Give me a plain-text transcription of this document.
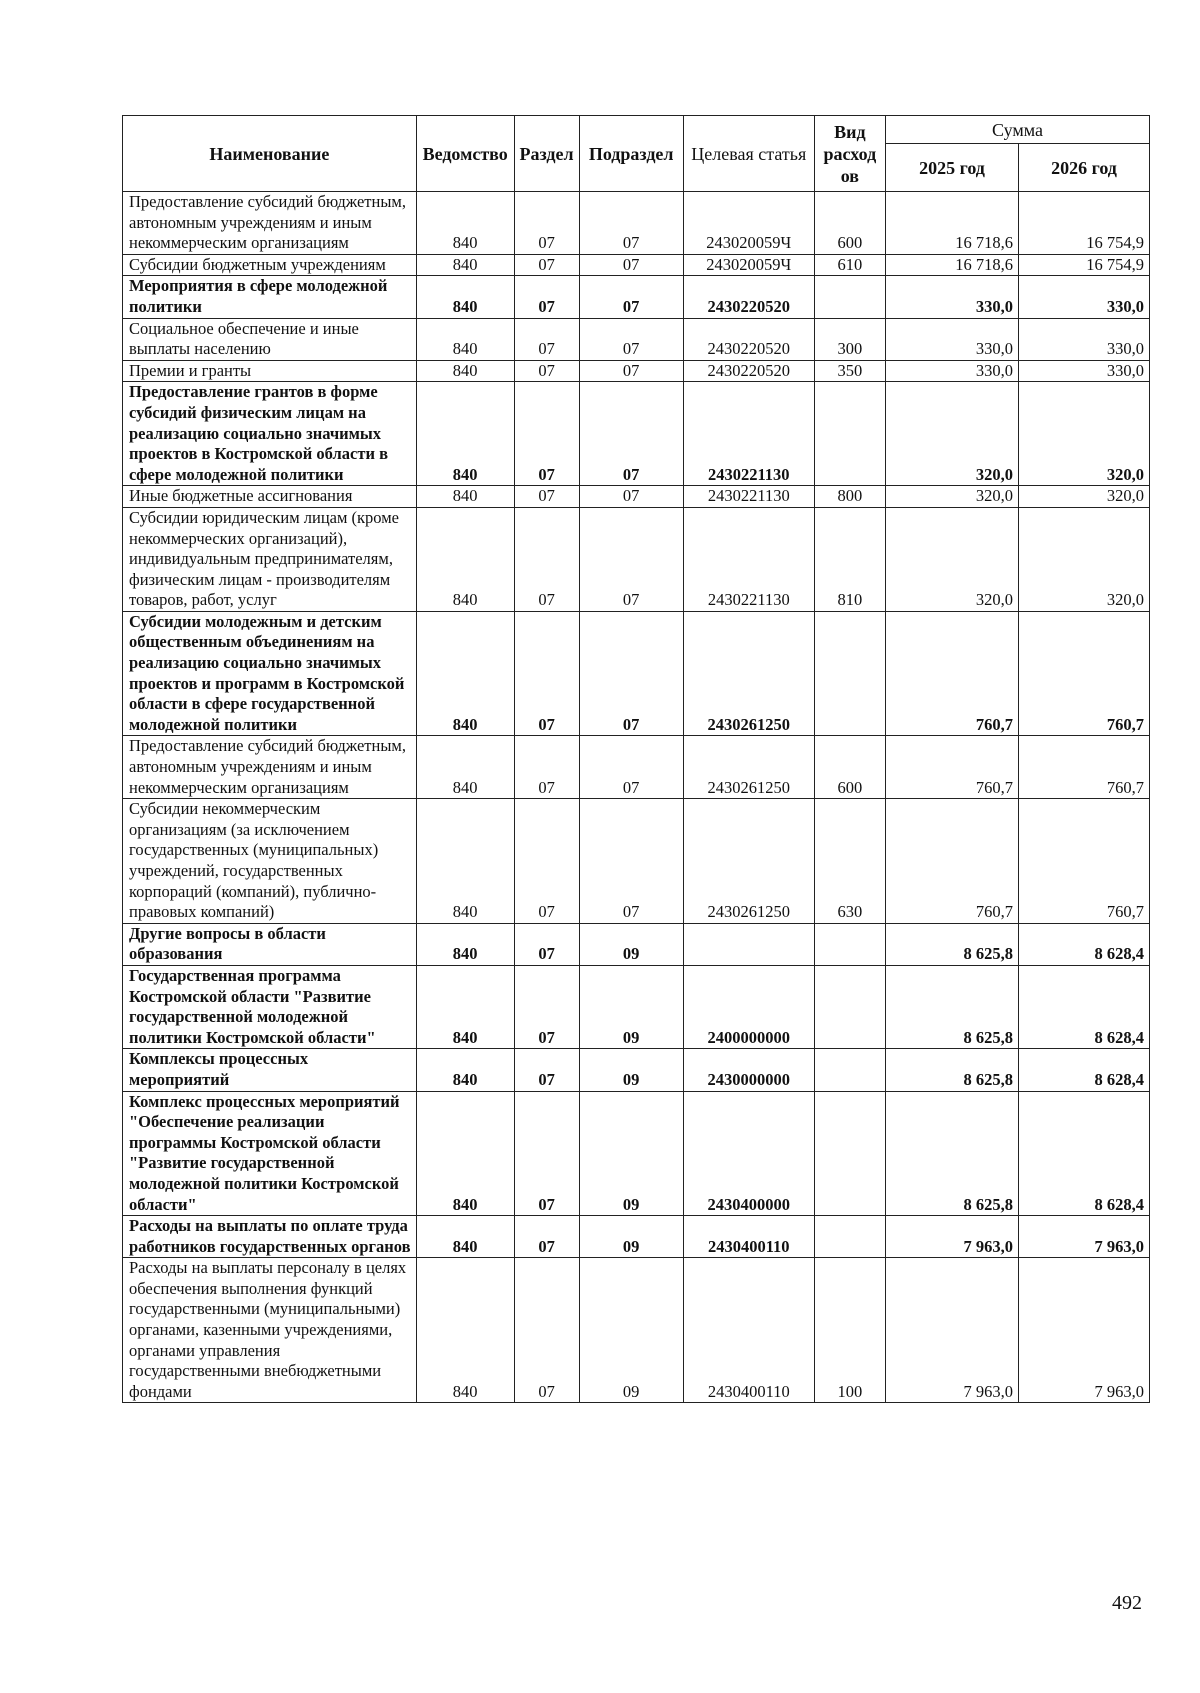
Наименование	Ведомство	Раздел	Подраздел	Целевая статья	Вид расход ов	Сумма	
						2025 год	2026 год
Предоставление субсидий бюджетным, автономным учреждениям и иным некоммерческим организациям	840	07	07	243020059Ч	600	16 718,6	16 754,9
Субсидии бюджетным учреждениям	840	07	07	243020059Ч	610	16 718,6	16 754,9
Мероприятия в сфере молодежной политики	840	07	07	2430220520		330,0	330,0
Социальное обеспечение и иные выплаты населению	840	07	07	2430220520	300	330,0	330,0
Премии и гранты	840	07	07	2430220520	350	330,0	330,0
Предоставление грантов в форме субсидий физическим лицам на реализацию социально значимых проектов в Костромской области в сфере молодежной политики	840	07	07	2430221130		320,0	320,0
Иные бюджетные ассигнования	840	07	07	2430221130	800	320,0	320,0
Субсидии юридическим лицам (кроме некоммерческих организаций), индивидуальным предпринимателям, физическим лицам - производителям товаров, работ, услуг	840	07	07	2430221130	810	320,0	320,0
Субсидии молодежным и детским общественным объединениям на реализацию социально значимых проектов и программ в Костромской области в сфере государственной молодежной политики	840	07	07	2430261250		760,7	760,7
Предоставление субсидий бюджетным, автономным учреждениям и иным некоммерческим организациям	840	07	07	2430261250	600	760,7	760,7
Субсидии некоммерческим организациям (за исключением государственных (муниципальных) учреждений, государственных корпораций (компаний), публично-правовых компаний)	840	07	07	2430261250	630	760,7	760,7
Другие вопросы в области образования	840	07	09			8 625,8	8 628,4
Государственная программа Костромской области "Развитие государственной молодежной политики Костромской области"	840	07	09	2400000000		8 625,8	8 628,4
Комплексы процессных мероприятий	840	07	09	2430000000		8 625,8	8 628,4
Комплекс процессных мероприятий "Обеспечение реализации программы Костромской области "Развитие государственной молодежной политики Костромской области"	840	07	09	2430400000		8 625,8	8 628,4
Расходы на выплаты по оплате труда работников государственных органов	840	07	09	2430400110		7 963,0	7 963,0
Расходы на выплаты персоналу в целях обеспечения выполнения функций государственными (муниципальными) органами, казенными учреждениями, органами управления государственными внебюджетными фондами	840	07	09	2430400110	100	7 963,0	7 963,0
492
